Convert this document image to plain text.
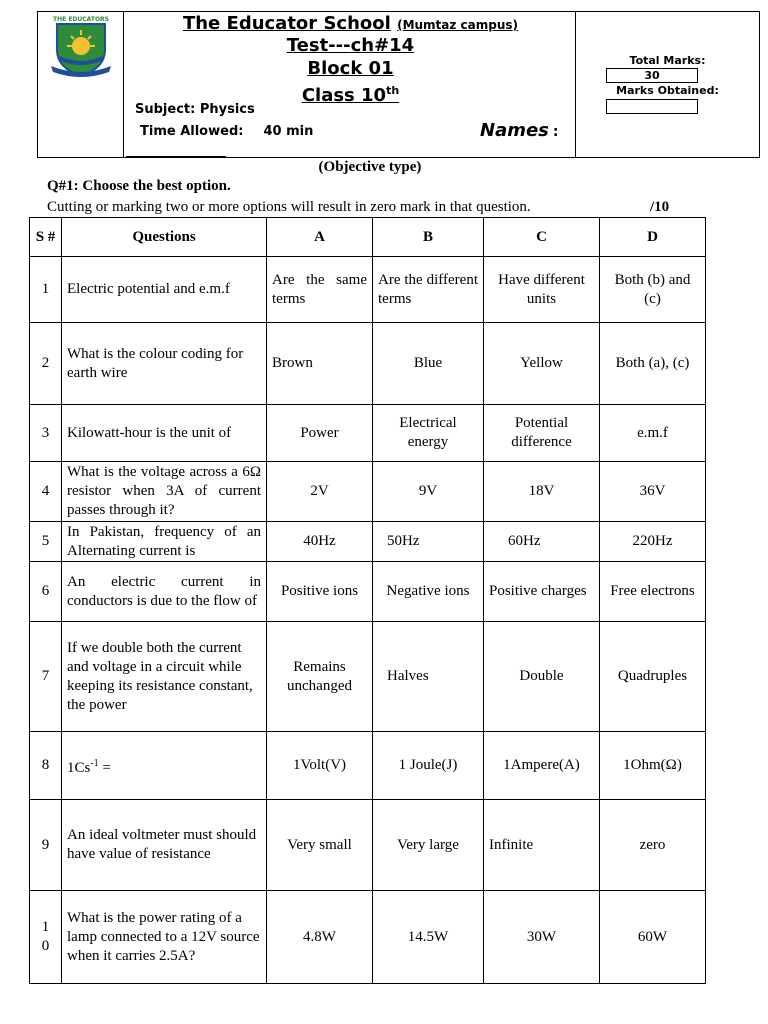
THE EDUCATORS	The Educator School (Mumtaz campus)
Test---ch#14
Block 01
Class 10th
Subject: Physics
Time Allowed: 40 min	Names :
Total Marks:
30
Marks Obtained:
(Objective type)
Q#1: Choose the best option.
Cutting or marking two or more options will result in zero mark in that question.	/10
S #	Questions	A	B	C	D
1	Electric potential and e.m.f	Are the same terms	Are the different terms	Have different units	Both (b) and (c)
2	What is the colour coding for earth wire	Brown	Blue	Yellow	Both (a), (c)
3	Kilowatt-hour is the unit of	Power	Electrical energy	Potential difference	e.m.f
4	What is the voltage across a 6Ω resistor when 3A of current passes through it?	2V	9V	18V	36V
5	In Pakistan, frequency of an Alternating current is	40Hz	50Hz	60Hz	220Hz
6	An electric current in conductors is due to the flow of	Positive ions	Negative ions	Positive charges	Free electrons
7	If we double both the current and voltage in a circuit while keeping its resistance constant, the power	Remains unchanged	Halves	Double	Quadruples
8	$1Cs^{-1}$ =	1Volt(V)	1 Joule(J)	1Ampere(A)	1Ohm(Ω)
9	An ideal voltmeter must should have value of resistance	Very small	Very large	Infinite	zero
10	What is the power rating of a lamp connected to a 12V source when it carries 2.5A?	4.8W	14.5W	30W	60W
